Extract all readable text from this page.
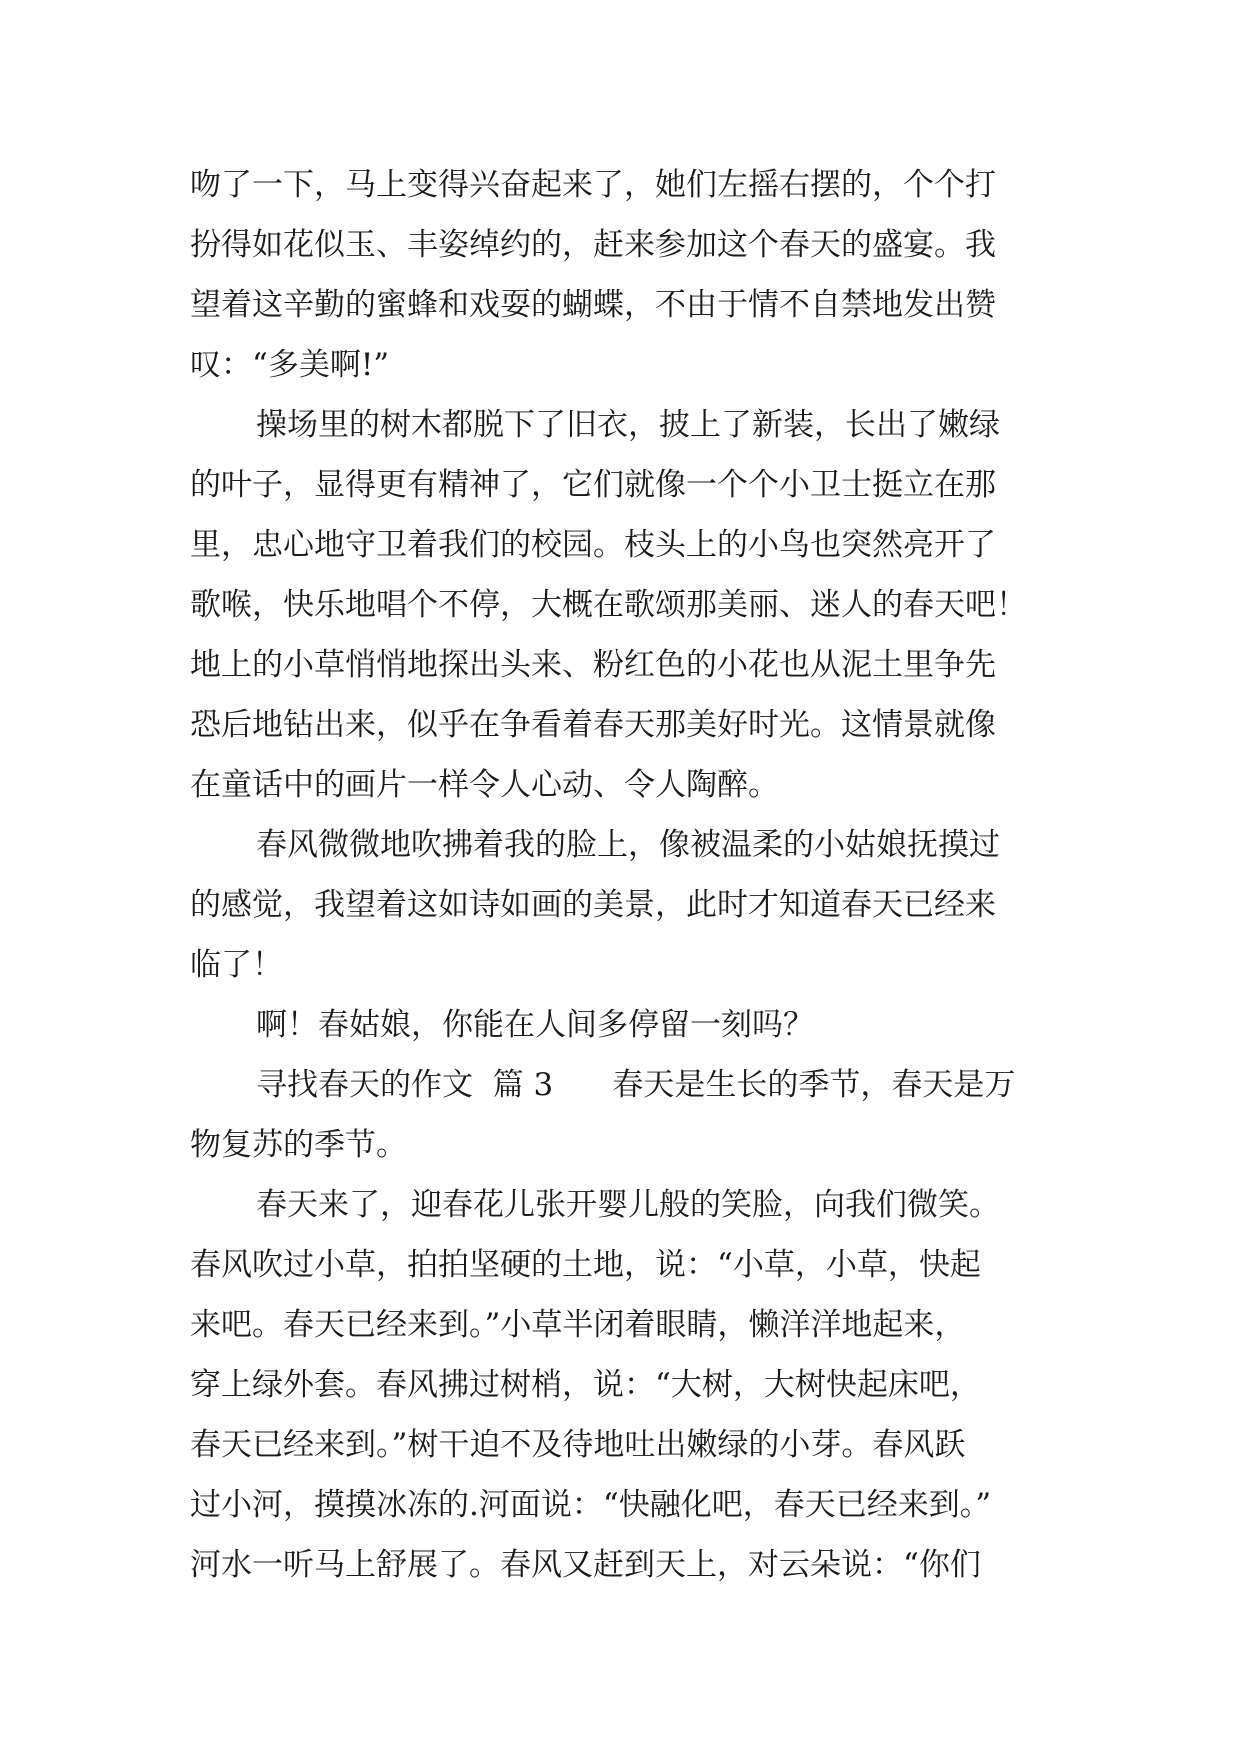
吻了一下，马上变得兴奋起来了，她们左摇右摆的，个个打
扮得如花似玉、丰姿绰约的，赶来参加这个春天的盛宴。我
望着这辛勤的蜜蜂和戏耍的蝴蝶，不由于情不自禁地发出赞
叹：“多美啊!”
操场里的树木都脱下了旧衣，披上了新装，长出了嫩绿
的叶子，显得更有精神了，它们就像一个个小卫士挺立在那
里，忠心地守卫着我们的校园。枝头上的小鸟也突然亮开了
歌喉，快乐地唱个不停，大概在歌颂那美丽、迷人的春天吧！
地上的小草悄悄地探出头来、粉红色的小花也从泥土里争先
恐后地钻出来，似乎在争看着春天那美好时光。这情景就像
在童话中的画片一样令人心动、令人陶醉。
春风微微地吹拂着我的脸上，像被温柔的小姑娘抚摸过
的感觉，我望着这如诗如画的美景，此时才知道春天已经来
临了！
啊！春姑娘，你能在人间多停留一刻吗？
寻找春天的作文  篇 3      春天是生长的季节，春天是万
物复苏的季节。
春天来了，迎春花儿张开婴儿般的笑脸，向我们微笑。
春风吹过小草，拍拍坚硬的土地，说：“小草，小草，快起
来吧。春天已经来到。”小草半闭着眼睛，懒洋洋地起来，
穿上绿外套。春风拂过树梢，说：“大树，大树快起床吧，
春天已经来到。”树干迫不及待地吐出嫩绿的小芽。春风跃
过小河，摸摸冰冻的.河面说：“快融化吧，春天已经来到。”
河水一听马上舒展了。春风又赶到天上，对云朵说：“你们
